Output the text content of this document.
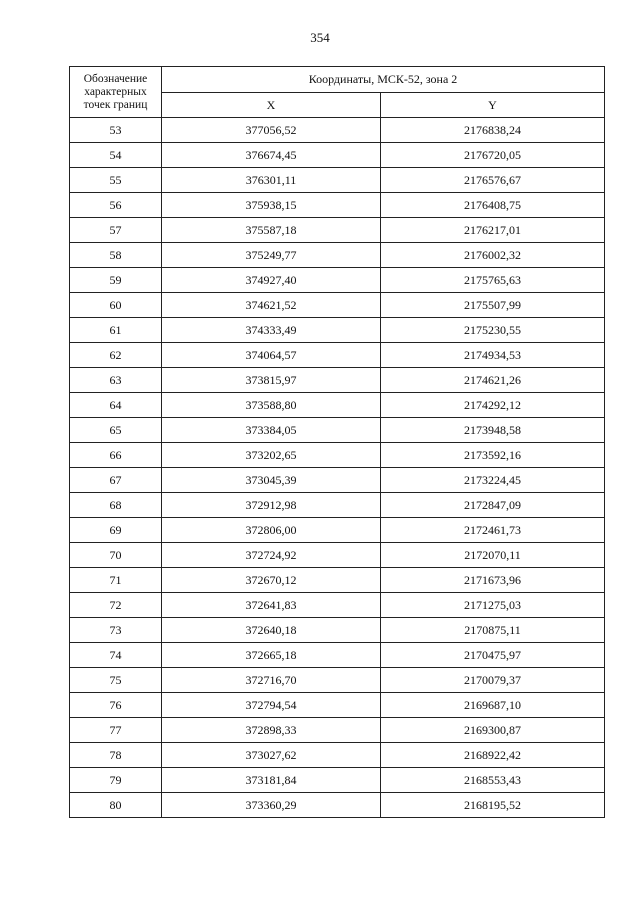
354
Обозначение
характерных
точек границ	Координаты, МСК-52, зона 2	
	X	Y
53	377056,52	2176838,24
54	376674,45	2176720,05
55	376301,11	2176576,67
56	375938,15	2176408,75
57	375587,18	2176217,01
58	375249,77	2176002,32
59	374927,40	2175765,63
60	374621,52	2175507,99
61	374333,49	2175230,55
62	374064,57	2174934,53
63	373815,97	2174621,26
64	373588,80	2174292,12
65	373384,05	2173948,58
66	373202,65	2173592,16
67	373045,39	2173224,45
68	372912,98	2172847,09
69	372806,00	2172461,73
70	372724,92	2172070,11
71	372670,12	2171673,96
72	372641,83	2171275,03
73	372640,18	2170875,11
74	372665,18	2170475,97
75	372716,70	2170079,37
76	372794,54	2169687,10
77	372898,33	2169300,87
78	373027,62	2168922,42
79	373181,84	2168553,43
80	373360,29	2168195,52
